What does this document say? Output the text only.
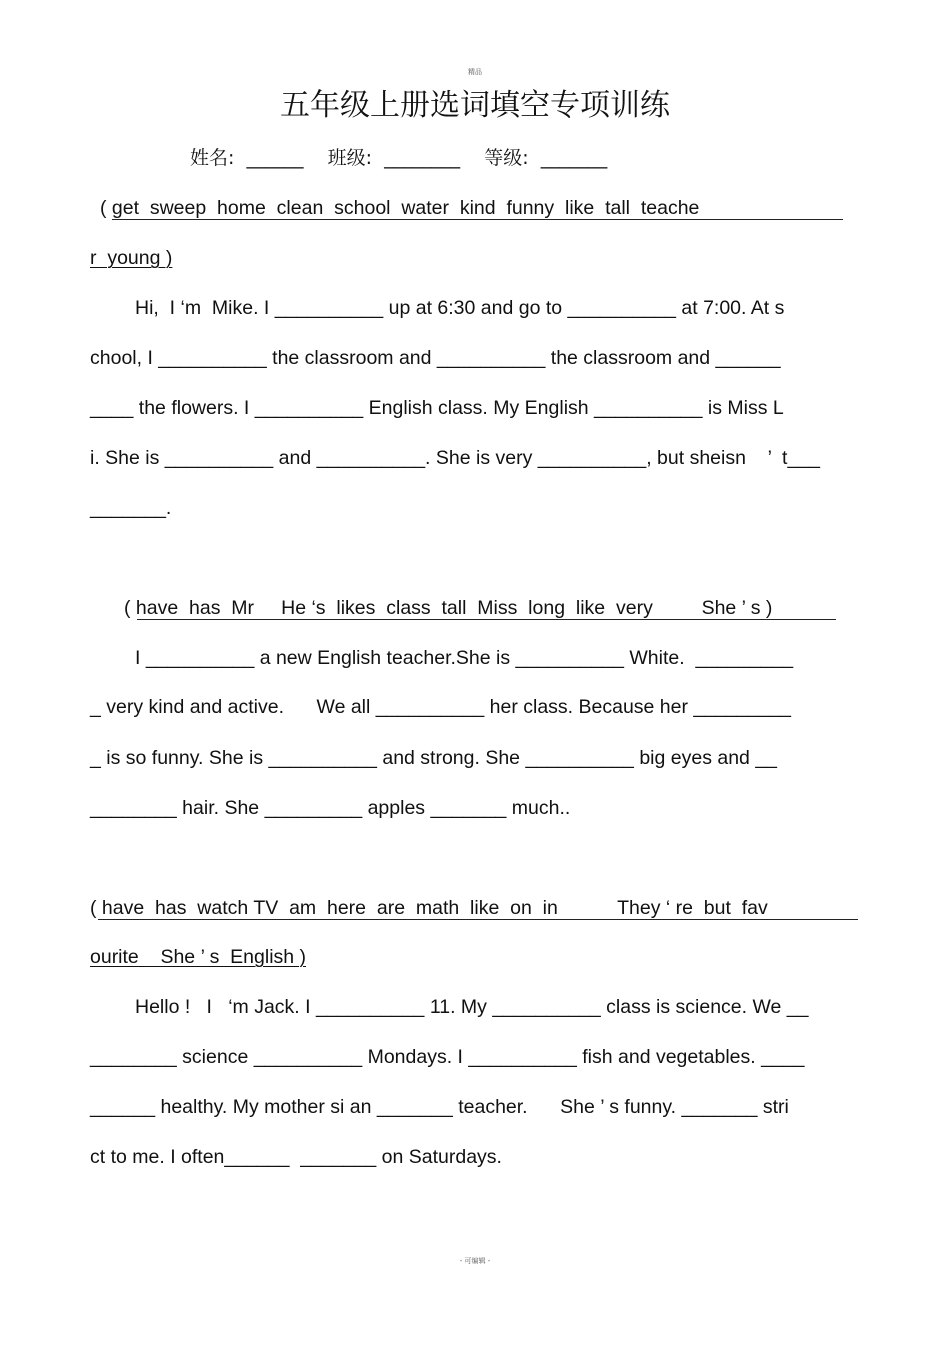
精品
五年级上册选词填空专项训练
姓名:  ______    班级:  ________    等级:  _______
( get  sweep  home  clean  school  water  kind  funny  like  tall  teache
r  young )
Hi,  I ‘m  Mike. I __________ up at 6:30 and go to __________ at 7:00. At s
chool, I __________ the classroom and __________ the classroom and ______
____ the flowers. I __________ English class. My English __________ is Miss L
i. She is __________ and __________. She is very __________, but sheisn    ’  t___
_______.
( have  has  Mr     He ‘s  likes  class  tall  Miss  long  like  very         She ’ s )
I __________ a new English teacher.She is __________ White.  _________
_ very kind and active.      We all __________ her class. Because her _________
_ is so funny. She is __________ and strong. She __________ big eyes and __
________ hair. She _________ apples _______ much..
( have  has  watch TV  am  here  are  math  like  on  in           They ‘ re  but  fav
ourite    She ’ s  English )
Hello !   I   ‘m Jack. I __________ 11. My __________ class is science. We __
________ science __________ Mondays. I __________ fish and vegetables. ____
______ healthy. My mother si an _______ teacher.      She ’ s funny. _______ stri
ct to me. I often______  _______ on Saturdays.
- 可编辑 -
